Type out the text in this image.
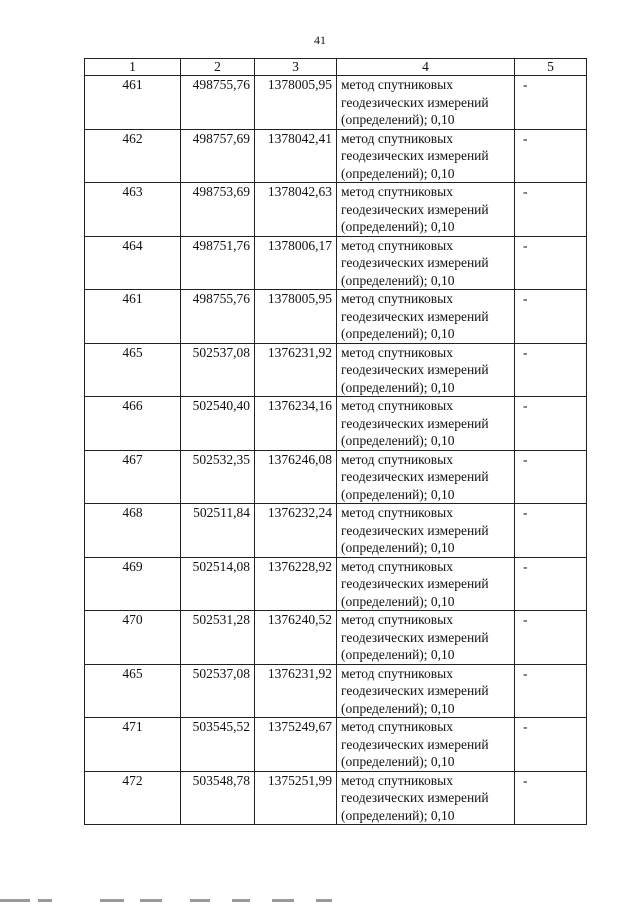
41
1	2	3	4	5
461	498755,76	1378005,95	метод спутниковых
геодезических измерений
(определений); 0,10	-
462	498757,69	1378042,41	метод спутниковых
геодезических измерений
(определений); 0,10	-
463	498753,69	1378042,63	метод спутниковых
геодезических измерений
(определений); 0,10	-
464	498751,76	1378006,17	метод спутниковых
геодезических измерений
(определений); 0,10	-
461	498755,76	1378005,95	метод спутниковых
геодезических измерений
(определений); 0,10	-
465	502537,08	1376231,92	метод спутниковых
геодезических измерений
(определений); 0,10	-
466	502540,40	1376234,16	метод спутниковых
геодезических измерений
(определений); 0,10	-
467	502532,35	1376246,08	метод спутниковых
геодезических измерений
(определений); 0,10	-
468	502511,84	1376232,24	метод спутниковых
геодезических измерений
(определений); 0,10	-
469	502514,08	1376228,92	метод спутниковых
геодезических измерений
(определений); 0,10	-
470	502531,28	1376240,52	метод спутниковых
геодезических измерений
(определений); 0,10	-
465	502537,08	1376231,92	метод спутниковых
геодезических измерений
(определений); 0,10	-
471	503545,52	1375249,67	метод спутниковых
геодезических измерений
(определений); 0,10	-
472	503548,78	1375251,99	метод спутниковых
геодезических измерений
(определений); 0,10	-
